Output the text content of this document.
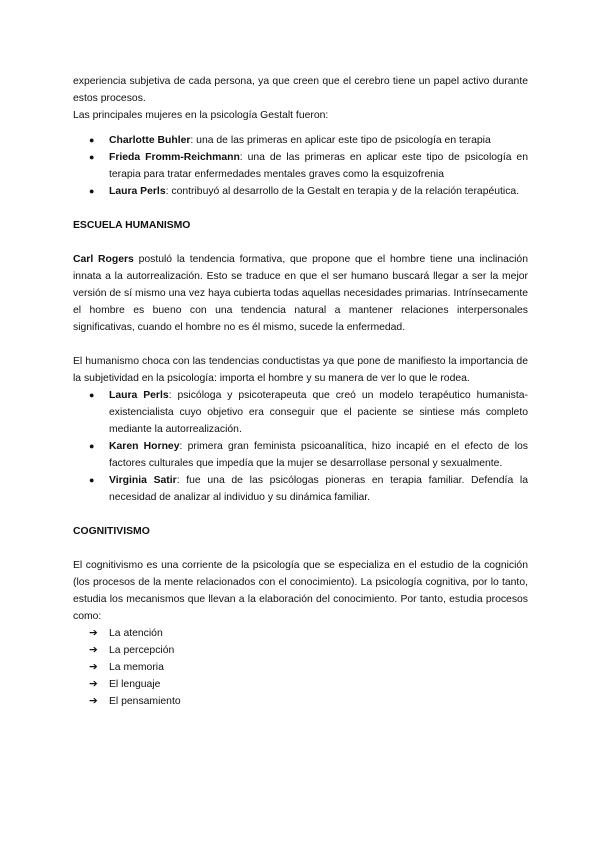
experiencia subjetiva de cada persona, ya que creen que el cerebro tiene un papel activo durante estos procesos.

Las principales mujeres en la psicología Gestalt fueron:

● Charlotte Buhler: una de las primeras en aplicar este tipo de psicología en terapia
● Frieda Fromm-Reichmann: una de las primeras en aplicar este tipo de psicología en terapia para tratar enfermedades mentales graves como la esquizofrenia
● Laura Perls: contribuyó al desarrollo de la Gestalt en terapia y de la relación terapéutica.

ESCUELA HUMANISMO

Carl Rogers postuló la tendencia formativa, que propone que el hombre tiene una inclinación innata a la autorrealización. Esto se traduce en que el ser humano buscará llegar a ser la mejor versión de sí mismo una vez haya cubierta todas aquellas necesidades primarias. Intrínsecamente el hombre es bueno con una tendencia natural a mantener relaciones interpersonales significativas, cuando el hombre no es él mismo, sucede la enfermedad.

El humanismo choca con las tendencias conductistas ya que pone de manifiesto la importancia de la subjetividad en la psicología: importa el hombre y su manera de ver lo que le rodea.

● Laura Perls: psicóloga y psicoterapeuta que creó un modelo terapéutico humanista-existencialista cuyo objetivo era conseguir que el paciente se sintiese más completo mediante la autorrealización.
● Karen Horney: primera gran feminista psicoanalítica, hizo incapié en el efecto de los factores culturales que impedía que la mujer se desarrollase personal y sexualmente.
● Virginia Satir: fue una de las psicólogas pioneras en terapia familiar. Defendía la necesidad de analizar al individuo y su dinámica familiar.

COGNITIVISMO

El cognitivismo es una corriente de la psicología que se especializa en el estudio de la cognición (los procesos de la mente relacionados con el conocimiento). La psicología cognitiva, por lo tanto, estudia los mecanismos que llevan a la elaboración del conocimiento. Por tanto, estudia procesos como:

➔ La atención
➔ La percepción
➔ La memoria
➔ El lenguaje
➔ El pensamiento
